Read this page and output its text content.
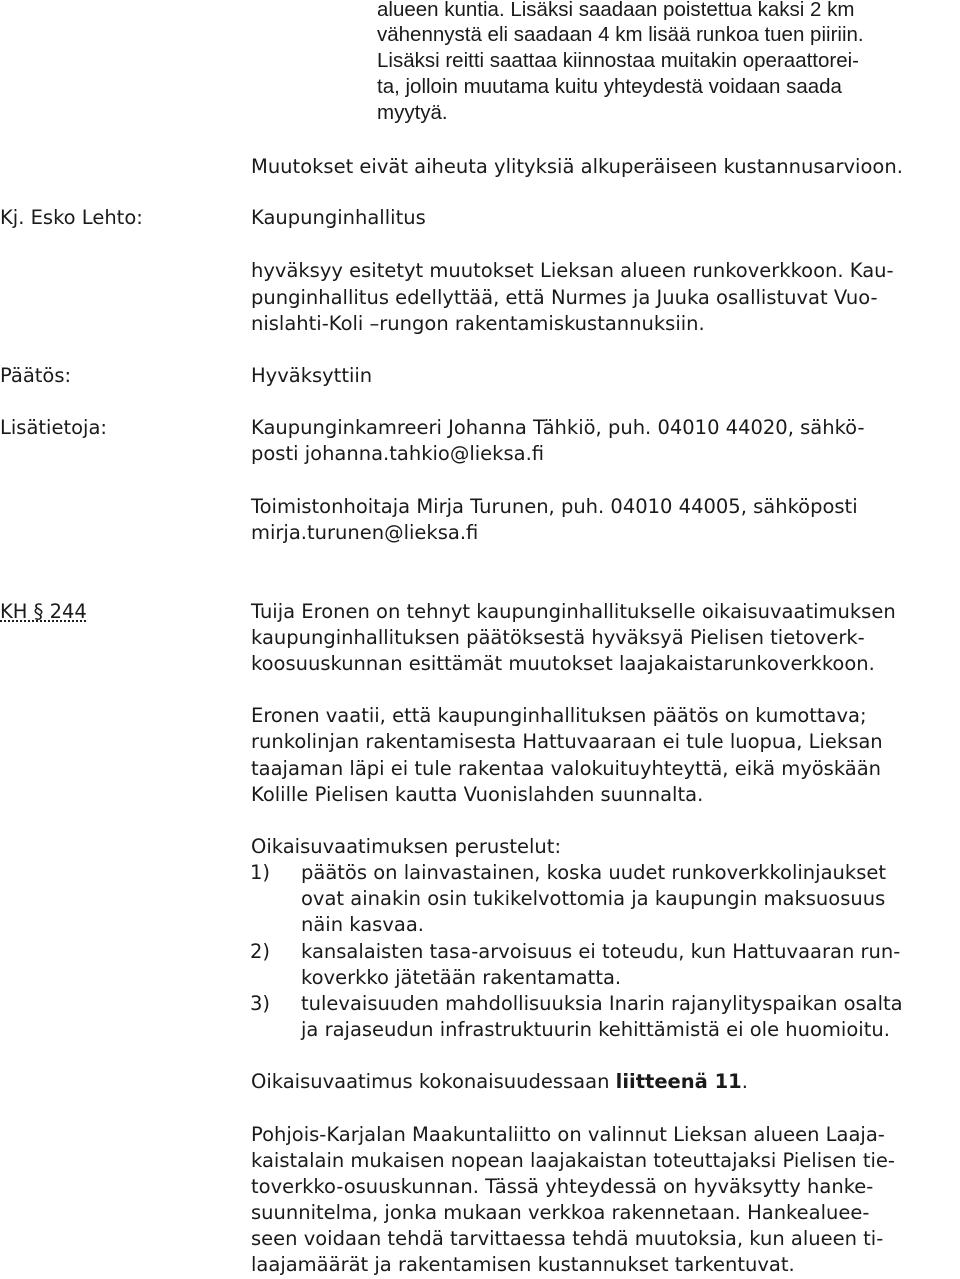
alueen kuntia. Lisäksi saadaan poistettua kaksi 2 km
vähennystä eli saadaan 4 km lisää runkoa tuen piiriin.
Lisäksi reitti saattaa kiinnostaa muitakin operaattorei-
ta, jolloin muutama kuitu yhteydestä voidaan saada
myytyä.
Muutokset eivät aiheuta ylityksiä alkuperäiseen kustannusarvioon.
Kj. Esko Lehto:	Kaupunginhallitus
hyväksyy esitetyt muutokset Lieksan alueen runkoverkkoon. Kau-
punginhallitus edellyttää, että Nurmes ja Juuka osallistuvat Vuo-
nislahti-Koli –rungon rakentamiskustannuksiin.
Päätös:	Hyväksyttiin
Lisätietoja:	Kaupunginkamreeri Johanna Tähkiö, puh. 04010 44020, sähkö-
posti johanna.tahkio@lieksa.fi
Toimistonhoitaja Mirja Turunen, puh. 04010 44005, sähköposti
mirja.turunen@lieksa.fi
KH § 244	Tuija Eronen on tehnyt kaupunginhallitukselle oikaisuvaatimuksen
kaupunginhallituksen päätöksestä hyväksyä Pielisen tietoverk-
koosuuskunnan esittämät muutokset laajakaistarunkoverkkoon.
Eronen vaatii, että kaupunginhallituksen päätös on kumottava;
runkolinjan rakentamisesta Hattuvaaraan ei tule luopua, Lieksan
taajaman läpi ei tule rakentaa valokuituyhteyttä, eikä myöskään
Kolille Pielisen kautta Vuonislahden suunnalta.
Oikaisuvaatimuksen perustelut:
1) päätös on lainvastainen, koska uudet runkoverkkolinjaukset
ovat ainakin osin tukikelvottomia ja kaupungin maksuosuus
näin kasvaa.
2) kansalaisten tasa-arvoisuus ei toteudu, kun Hattuvaaran run-
koverkko jätetään rakentamatta.
3) tulevaisuuden mahdollisuuksia Inarin rajanylityspaikan osalta
ja rajaseudun infrastruktuurin kehittämistä ei ole huomioitu.
Oikaisuvaatimus kokonaisuudessaan liitteenä 11.
Pohjois-Karjalan Maakuntaliitto on valinnut Lieksan alueen Laaja-
kaistalain mukaisen nopean laajakaistan toteuttajaksi Pielisen tie-
toverkko-osuuskunnan. Tässä yhteydessä on hyväksytty hanke-
suunnitelma, jonka mukaan verkkoa rakennetaan. Hankealuee-
seen voidaan tehdä tarvittaessa tehdä muutoksia, kun alueen ti-
laajamäärät ja rakentamisen kustannukset tarkentuvat.
